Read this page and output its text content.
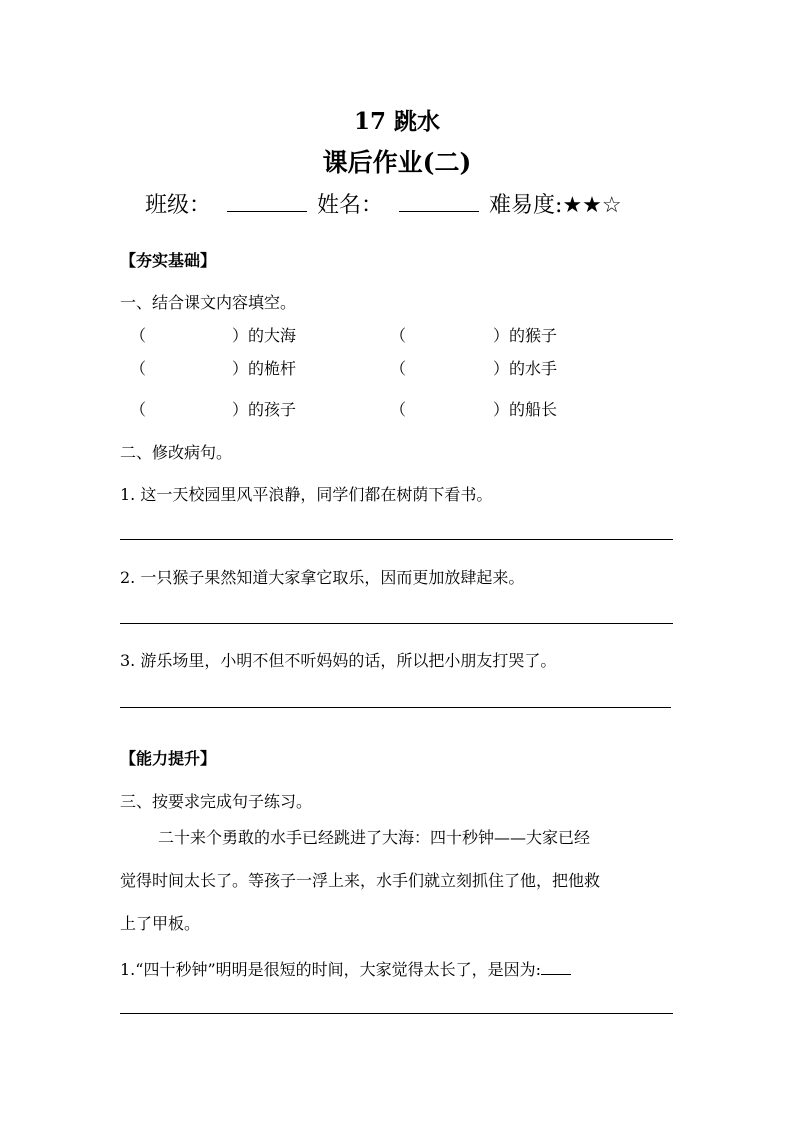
17 跳水
课后作业(二)
班级：	姓名：	难易度: ★★☆
【夯实基础】
一、结合课文内容填空。
（	）的大海	（	）的猴子
（	）的桅杆	（	）的水手
（	）的孩子	（	）的船长
二、修改病句。
1. 这一天校园里风平浪静，同学们都在树荫下看书。
2. 一只猴子果然知道大家拿它取乐，因而更加放肆起来。
3. 游乐场里，小明不但不听妈妈的话，所以把小朋友打哭了。
【能力提升】
三、按要求完成句子练习。
二十来个勇敢的水手已经跳进了大海：四十秒钟——大家已经
觉得时间太长了。等孩子一浮上来，水手们就立刻抓住了他，把他救
上了甲板。
1.“四十秒钟”明明是很短的时间，大家觉得太长了，是因为:
